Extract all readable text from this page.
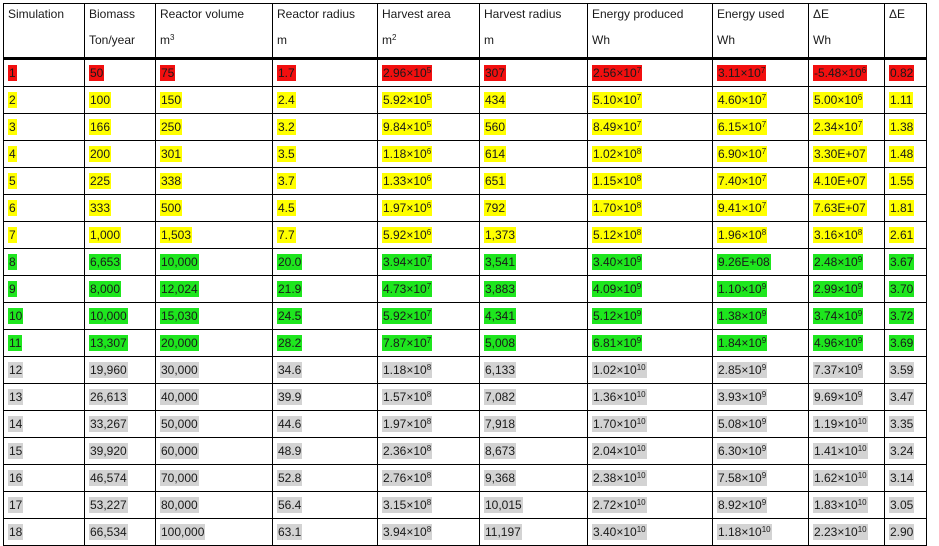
Simulation	Biomass	Reactor volume	Reactor radius	Harvest area	Harvest radius	Energy produced	Energy used	ΔE	ΔE
	Ton/year	$m^3$	m	$m^2$	m	Wh	Wh	Wh	
1	50	75	1.7	$2.96\times 10^5$	307	$2.56\times 10^7$	$3.11\times 10^7$	$-5.48\times 10^6$	0.82
2	100	150	2.4	$5.92\times 10^5$	434	$5.10\times 10^7$	$4.60\times 10^7$	$5.00\times 10^6$	1.11
3	166	250	3.2	$9.84\times 10^5$	560	$8.49\times 10^7$	$6.15\times 10^7$	$2.34\times 10^7$	1.38
4	200	301	3.5	$1.18\times 10^6$	614	$1.02\times 10^8$	$6.90\times 10^7$	3.30E+07	1.48
5	225	338	3.7	$1.33\times 10^6$	651	$1.15\times 10^8$	$7.40\times 10^7$	4.10E+07	1.55
6	333	500	4.5	$1.97\times 10^6$	792	$1.70\times 10^8$	$9.41\times 10^7$	7.63E+07	1.81
7	1,000	1,503	7.7	$5.92\times 10^6$	1,373	$5.12\times 10^8$	$1.96\times 10^8$	$3.16\times 10^8$	2.61
8	6,653	10,000	20.0	$3.94\times 10^7$	3,541	$3.40\times 10^9$	9.26E+08	$2.48\times 10^9$	3.67
9	8,000	12,024	21.9	$4.73\times 10^7$	3,883	$4.09\times 10^9$	$1.10\times 10^9$	$2.99\times 10^9$	3.70
10	10,000	15,030	24.5	$5.92\times 10^7$	4,341	$5.12\times 10^9$	$1.38\times 10^9$	$3.74\times 10^9$	3.72
11	13,307	20,000	28.2	$7.87\times 10^7$	5,008	$6.81\times 10^9$	$1.84\times 10^9$	$4.96\times 10^9$	3.69
12	19,960	30,000	34.6	$1.18\times 10^8$	6,133	$1.02\times 10^{10}$	$2.85\times 10^9$	$7.37\times 10^9$	3.59
13	26,613	40,000	39.9	$1.57\times 10^8$	7,082	$1.36\times 10^{10}$	$3.93\times 10^9$	$9.69\times 10^9$	3.47
14	33,267	50,000	44.6	$1.97\times 10^8$	7,918	$1.70\times 10^{10}$	$5.08\times 10^9$	$1.19\times 10^{10}$	3.35
15	39,920	60,000	48.9	$2.36\times 10^8$	8,673	$2.04\times 10^{10}$	$6.30\times 10^9$	$1.41\times 10^{10}$	3.24
16	46,574	70,000	52.8	$2.76\times 10^8$	9,368	$2.38\times 10^{10}$	$7.58\times 10^9$	$1.62\times 10^{10}$	3.14
17	53,227	80,000	56.4	$3.15\times 10^8$	10,015	$2.72\times 10^{10}$	$8.92\times 10^9$	$1.83\times 10^{10}$	3.05
18	66,534	100,000	63.1	$3.94\times 10^8$	11,197	$3.40\times 10^{10}$	$1.18\times 10^{10}$	$2.23\times 10^{10}$	2.90
